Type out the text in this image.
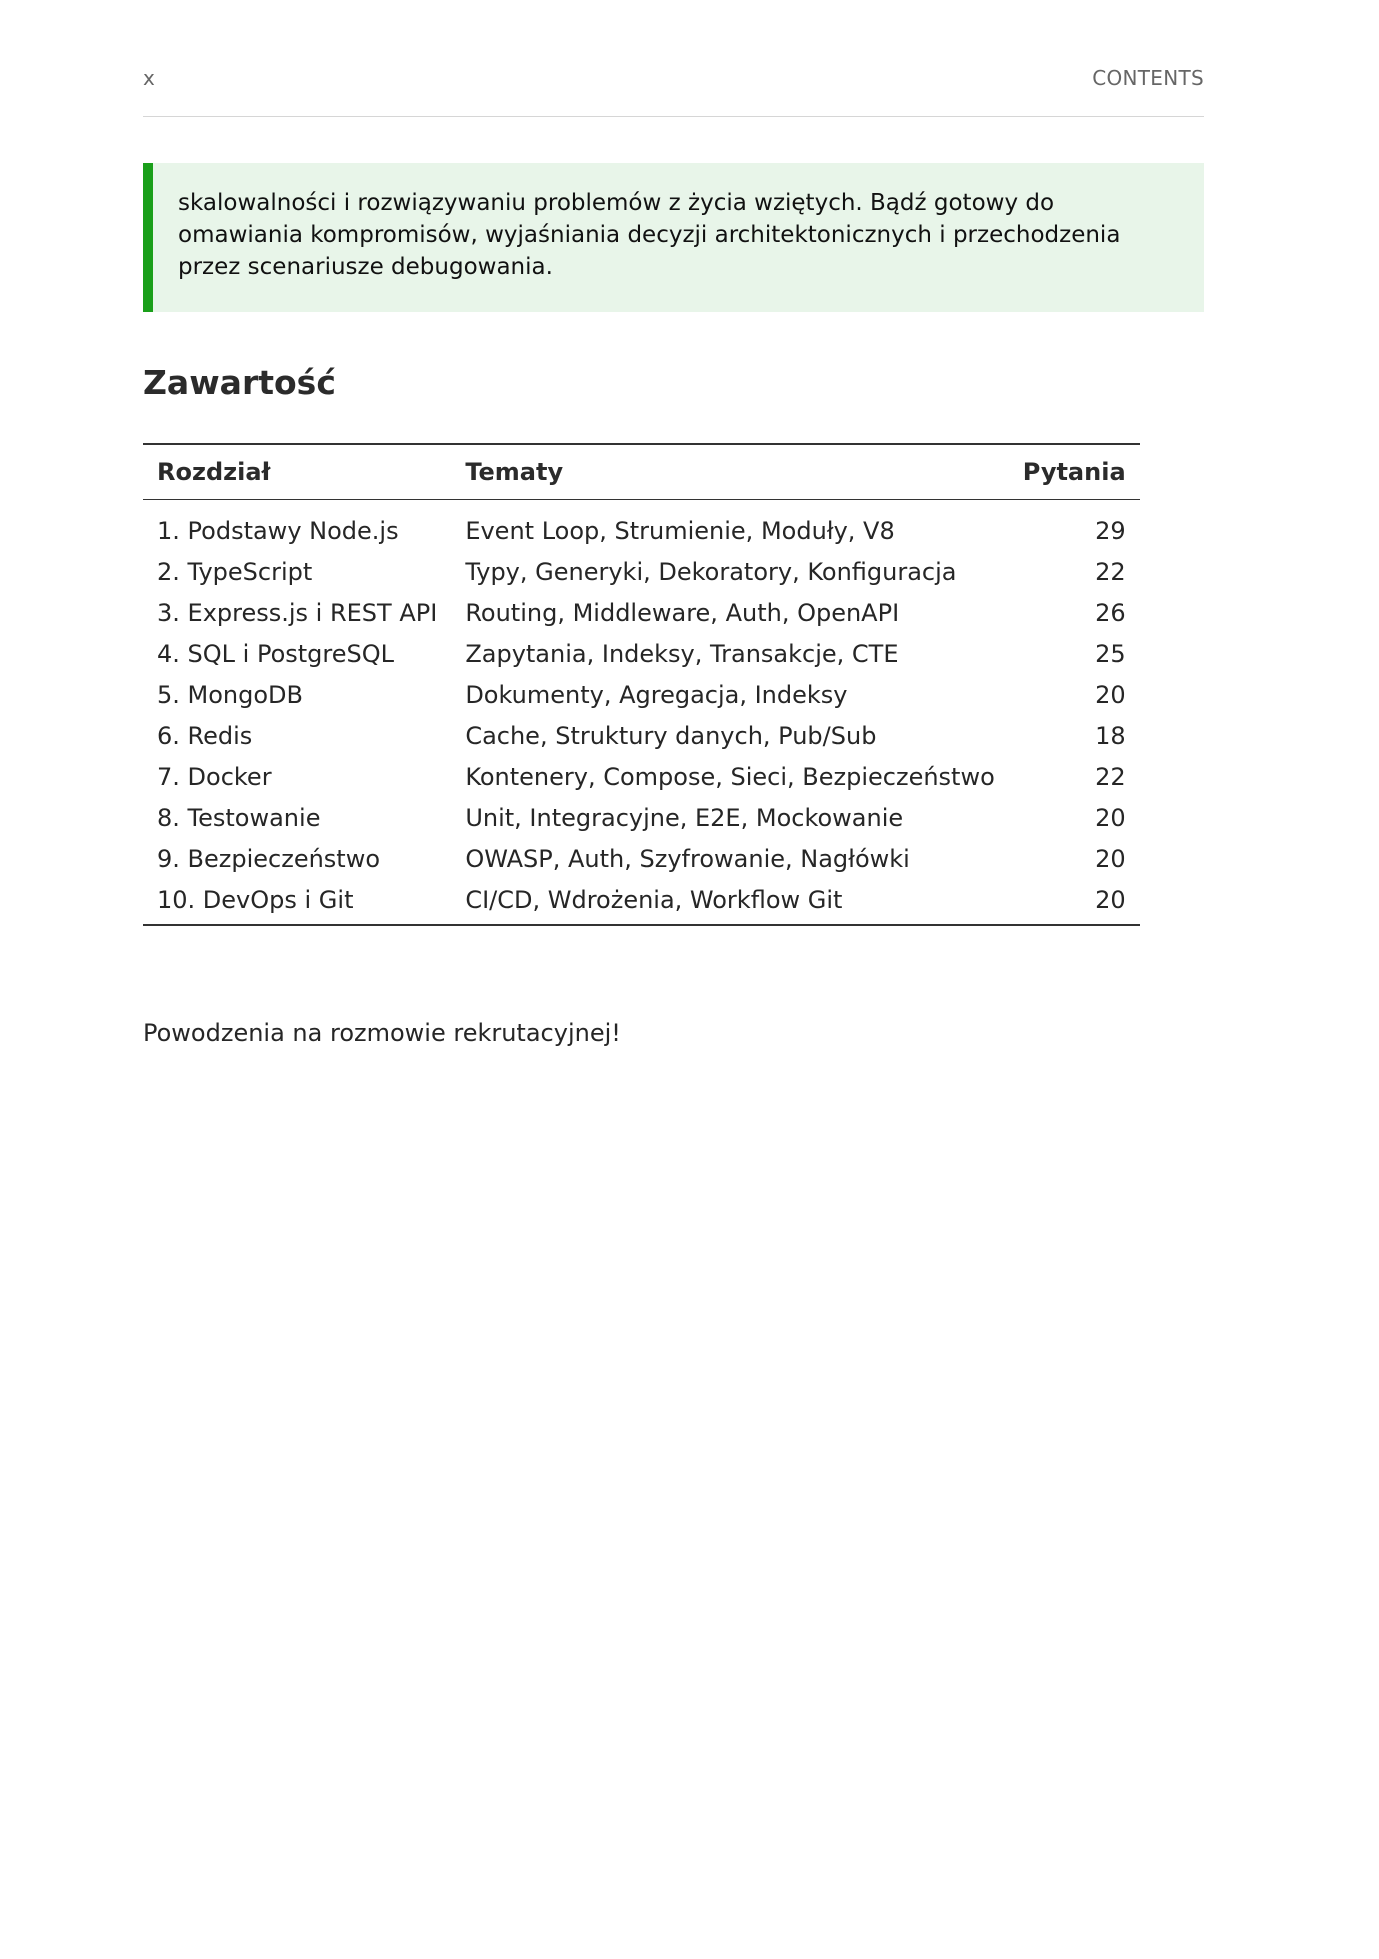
x	CONTENTS
skalowalności i rozwiązywaniu problemów z życia wziętych. Bądź gotowy do omawiania kompromisów, wyjaśniania decyzji architektonicznych i przechodzenia przez scenariusze debugowania.
Zawartość
Rozdział	Tematy	Pytania
1. Podstawy Node.js	Event Loop, Strumienie, Moduły, V8	29
2. TypeScript	Typy, Generyki, Dekoratory, Konfiguracja	22
3. Express.js i REST API	Routing, Middleware, Auth, OpenAPI	26
4. SQL i PostgreSQL	Zapytania, Indeksy, Transakcje, CTE	25
5. MongoDB	Dokumenty, Agregacja, Indeksy	20
6. Redis	Cache, Struktury danych, Pub/Sub	18
7. Docker	Kontenery, Compose, Sieci, Bezpieczeństwo	22
8. Testowanie	Unit, Integracyjne, E2E, Mockowanie	20
9. Bezpieczeństwo	OWASP, Auth, Szyfrowanie, Nagłówki	20
10. DevOps i Git	CI/CD, Wdrożenia, Workflow Git	20

Powodzenia na rozmowie rekrutacyjnej!
